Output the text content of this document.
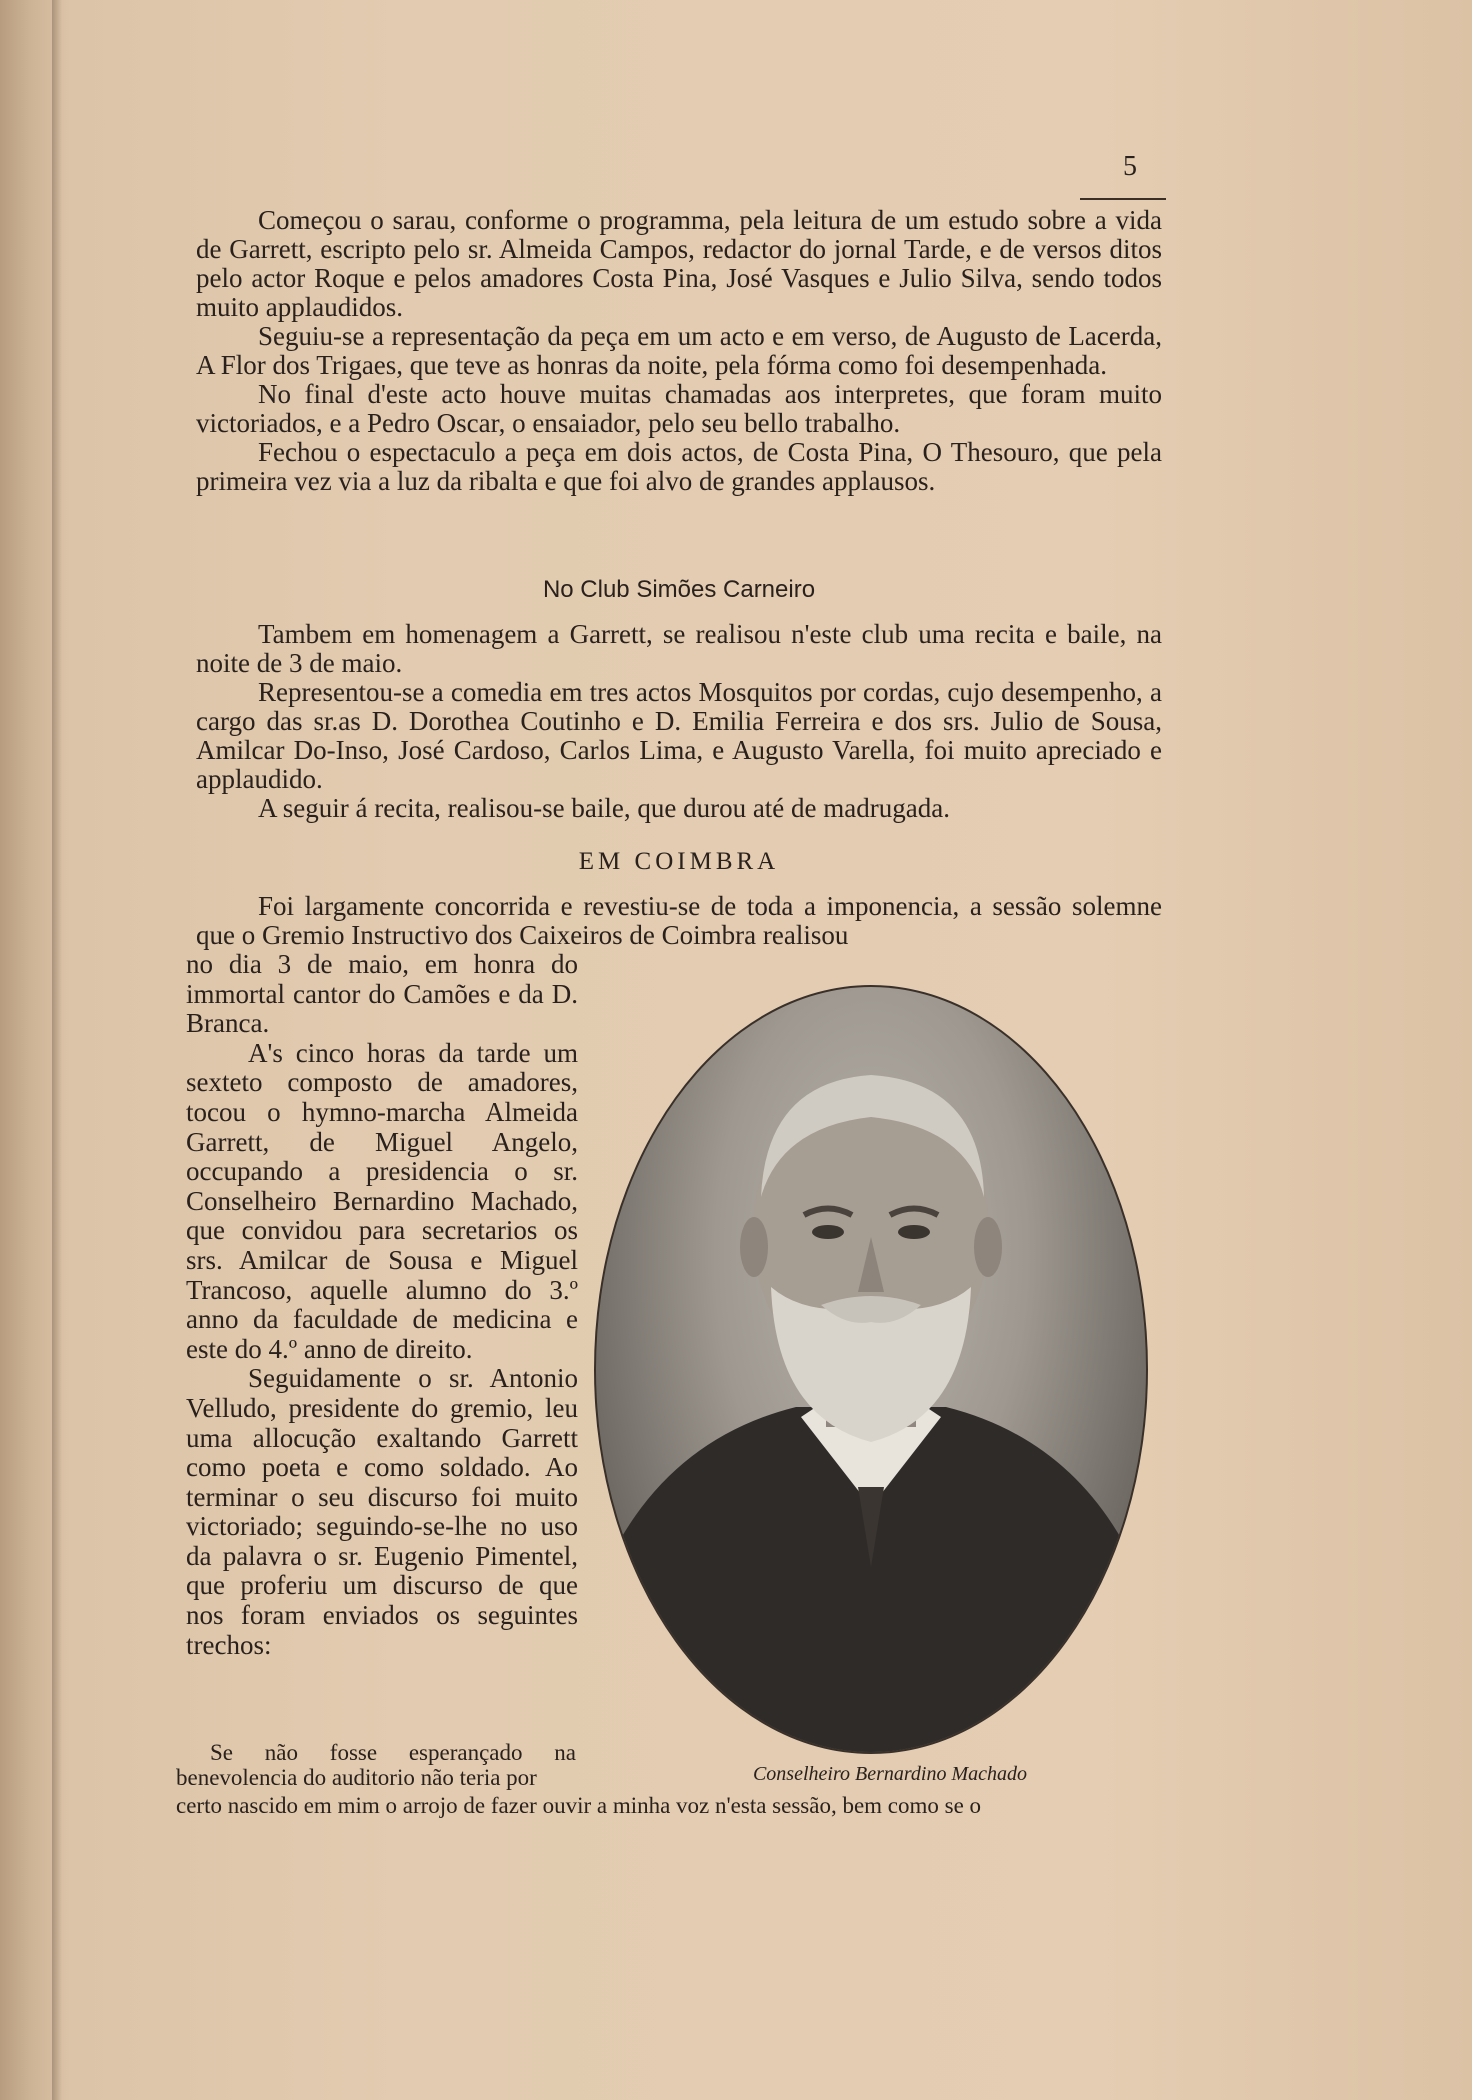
5

Começou o sarau, conforme o programma, pela leitura de um estudo sobre a vida de Garrett, escripto pelo sr. Almeida Campos, redactor do jornal Tarde, e de versos ditos pelo actor Roque e pelos amadores Costa Pina, José Vasques e Julio Silva, sendo todos muito applaudidos.

Seguiu-se a representação da peça em um acto e em verso, de Augusto de Lacerda, A Flor dos Trigaes, que teve as honras da noite, pela fórma como foi desempenhada.

No final d'este acto houve muitas chamadas aos interpretes, que foram muito victoriados, e a Pedro Oscar, o ensaiador, pelo seu bello trabalho.

Fechou o espectaculo a peça em dois actos, de Costa Pina, O Thesouro, que pela primeira vez via a luz da ribalta e que foi alvo de grandes applausos.

No Club Simões Carneiro

Tambem em homenagem a Garrett, se realisou n'este club uma recita e baile, na noite de 3 de maio.

Representou-se a comedia em tres actos Mosquitos por cordas, cujo desempenho, a cargo das sr.as D. Dorothea Coutinho e D. Emilia Ferreira e dos srs. Julio de Sousa, Amilcar Do-Inso, José Cardoso, Carlos Lima, e Augusto Varella, foi muito apreciado e applaudido.

A seguir á recita, realisou-se baile, que durou até de madrugada.

EM COIMBRA

Foi largamente concorrida e revestiu-se de toda a imponencia, a sessão solemne que o Gremio Instructivo dos Caixeiros de Coimbra realisou

no dia 3 de maio, em honra do immortal cantor do Camões e da D. Branca.

A's cinco horas da tarde um sexteto composto de amadores, tocou o hymno-marcha Almeida Garrett, de Miguel Angelo, occupando a presidencia o sr. Conselheiro Bernardino Machado, que convidou para secretarios os srs. Amilcar de Sousa e Miguel Trancoso, aquelle alumno do 3.º anno da faculdade de medicina e este do 4.º anno de direito.

Seguidamente o sr. Antonio Velludo, presidente do gremio, leu uma allocução exaltando Garrett como poeta e como soldado. Ao terminar o seu discurso foi muito victoriado; seguindo-se-lhe no uso da palavra o sr. Eugenio Pimentel, que proferiu um discurso de que nos foram enviados os seguintes trechos:

Conselheiro Bernardino Machado

Se não fosse esperançado na benevolencia do auditorio não teria por

certo nascido em mim o arrojo de fazer ouvir a minha voz n'esta sessão, bem como se o
